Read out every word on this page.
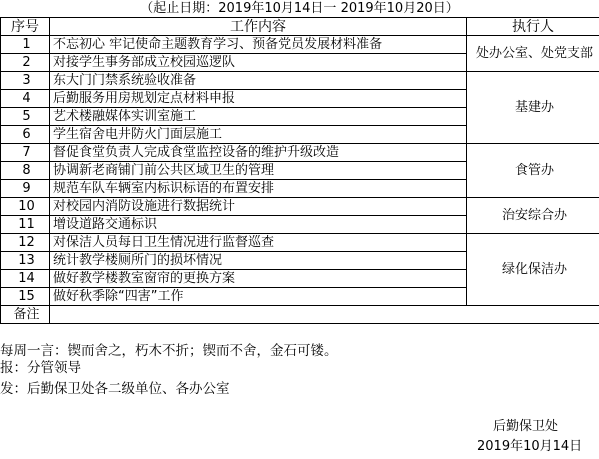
（起止日期：2019年10月14日一 2019年10月20日）
序号	工作内容	执行人
1	不忘初心 牢记使命主题教育学习、预备党员发展材料准备	处办公室、处党支部
2	对接学生事务部成立校园巡逻队	
3	东大门门禁系统验收准备	基建办
4	后勤服务用房规划定点材料申报	
5	艺术楼融媒体实训室施工	
6	学生宿舍电井防火门面层施工	
7	督促食堂负责人完成食堂监控设备的维护升级改造	食管办
8	协调新老商铺门前公共区域卫生的管理	
9	规范车队车辆室内标识标语的布置安排	
10	对校园内消防设施进行数据统计	治安综合办
11	增设道路交通标识	
12	对保洁人员每日卫生情况进行监督巡查	绿化保洁办
13	统计教学楼厕所门的损坏情况	
14	做好教学楼教室窗帘的更换方案	
15	做好秋季除“四害”工作	
备注		
每周一言：锲而舍之，朽木不折；锲而不舍，金石可镂。
报：分管领导
发：后勤保卫处各二级单位、各办公室
后勤保卫处
2019年10月14日
